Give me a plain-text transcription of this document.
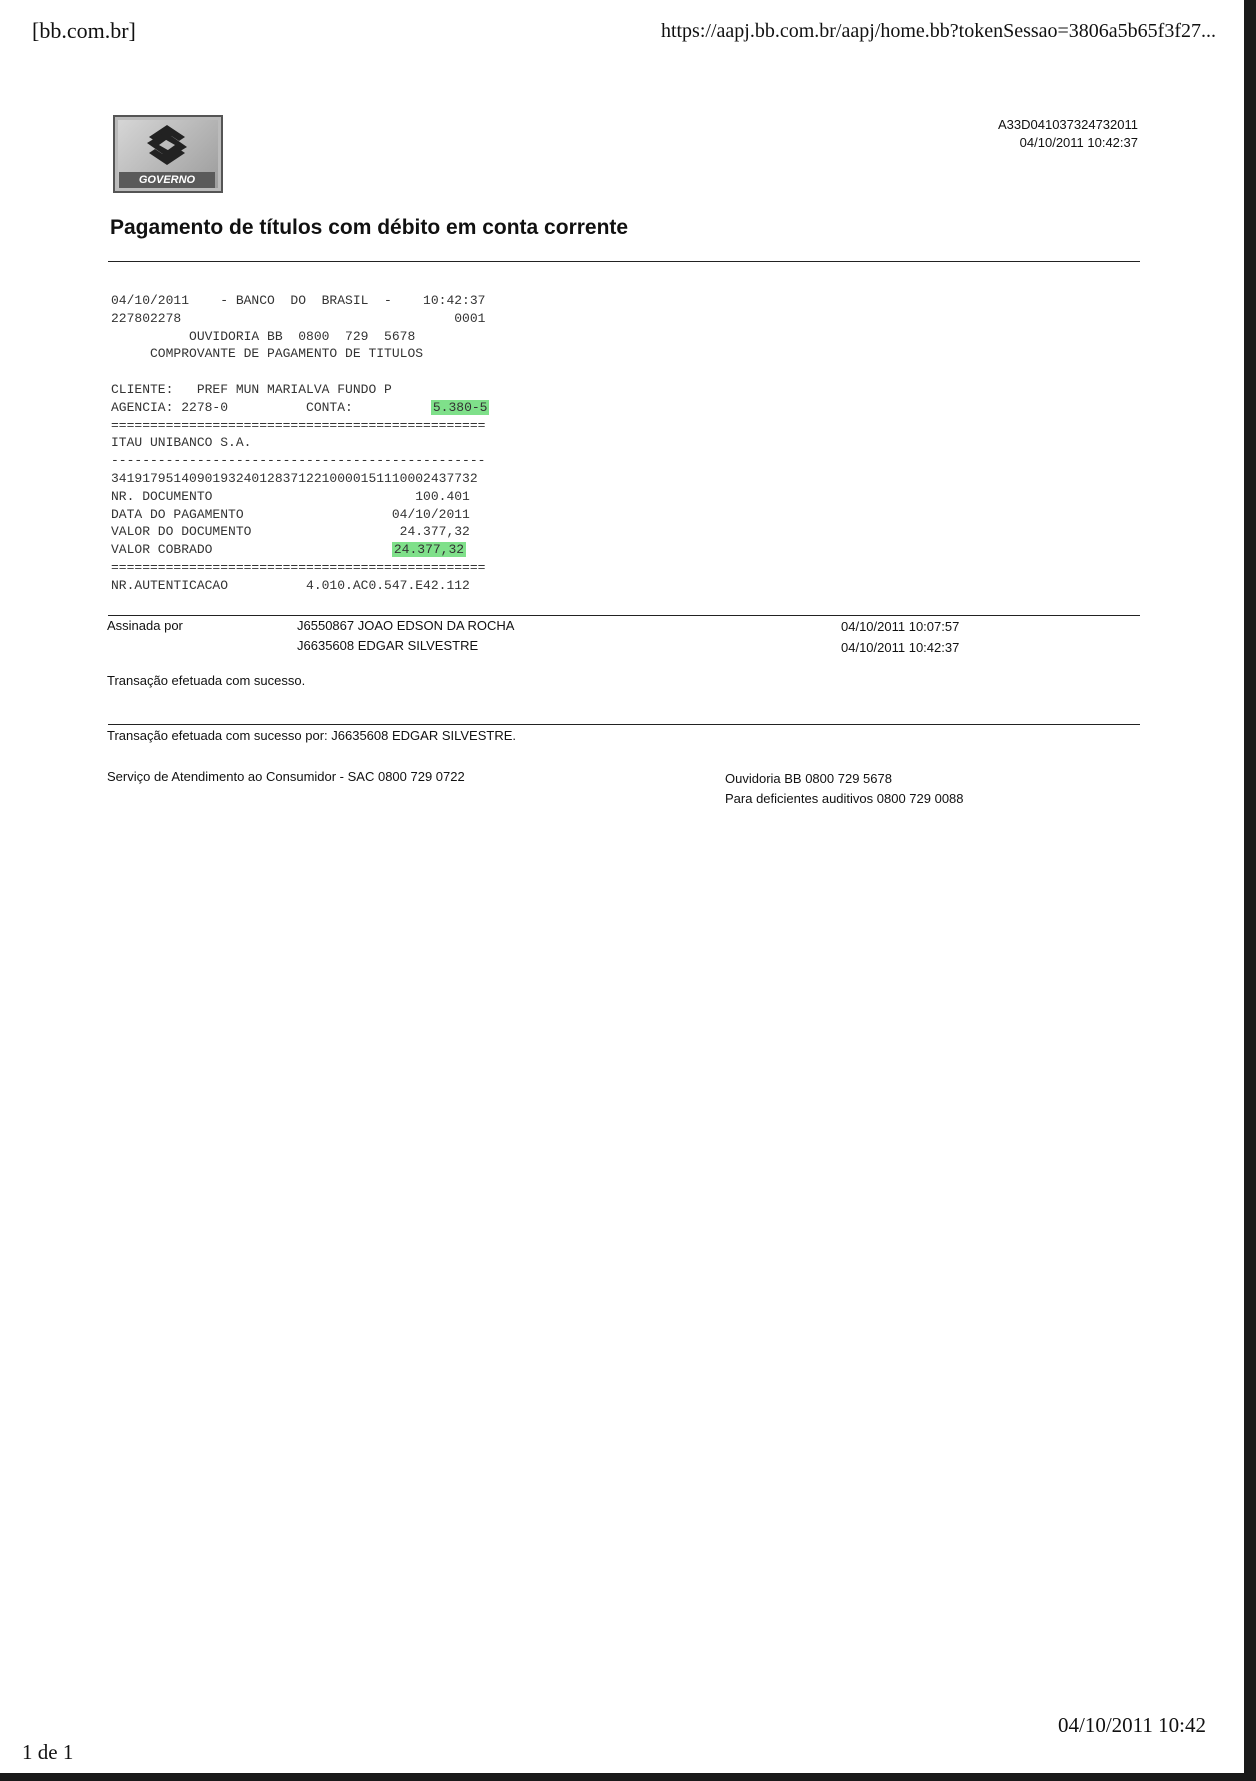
[bb.com.br]	https://aapj.bb.com.br/aapj/home.bb?tokenSessao=3806a5b65f3f27...
GOVERNO
A33D041037324732011
04/10/2011 10:42:37
Pagamento de títulos com débito em conta corrente
04/10/2011    - BANCO  DO  BRASIL  -    10:42:37
227802278                                   0001
OUVIDORIA BB  0800  729  5678
COMPROVANTE DE PAGAMENTO DE TITULOS
CLIENTE:   PREF MUN MARIALVA FUNDO P
AGENCIA: 2278-0          CONTA:          5.380-5
================================================
ITAU UNIBANCO S.A.
------------------------------------------------
34191795140901932401283712210000151110002437732
NR. DOCUMENTO                          100.401
DATA DO PAGAMENTO                   04/10/2011
VALOR DO DOCUMENTO                   24.377,32
VALOR COBRADO                       24.377,32
================================================
NR.AUTENTICACAO          4.010.AC0.547.E42.112
Assinada por	J6550867 JOAO EDSON DA ROCHA	04/10/2011 10:07:57
J6635608 EDGAR SILVESTRE	04/10/2011 10:42:37
Transação efetuada com sucesso.
Transação efetuada com sucesso por: J6635608 EDGAR SILVESTRE.
Serviço de Atendimento ao Consumidor - SAC 0800 729 0722	Ouvidoria BB 0800 729 5678
Para deficientes auditivos 0800 729 0088
1 de 1
04/10/2011 10:42
